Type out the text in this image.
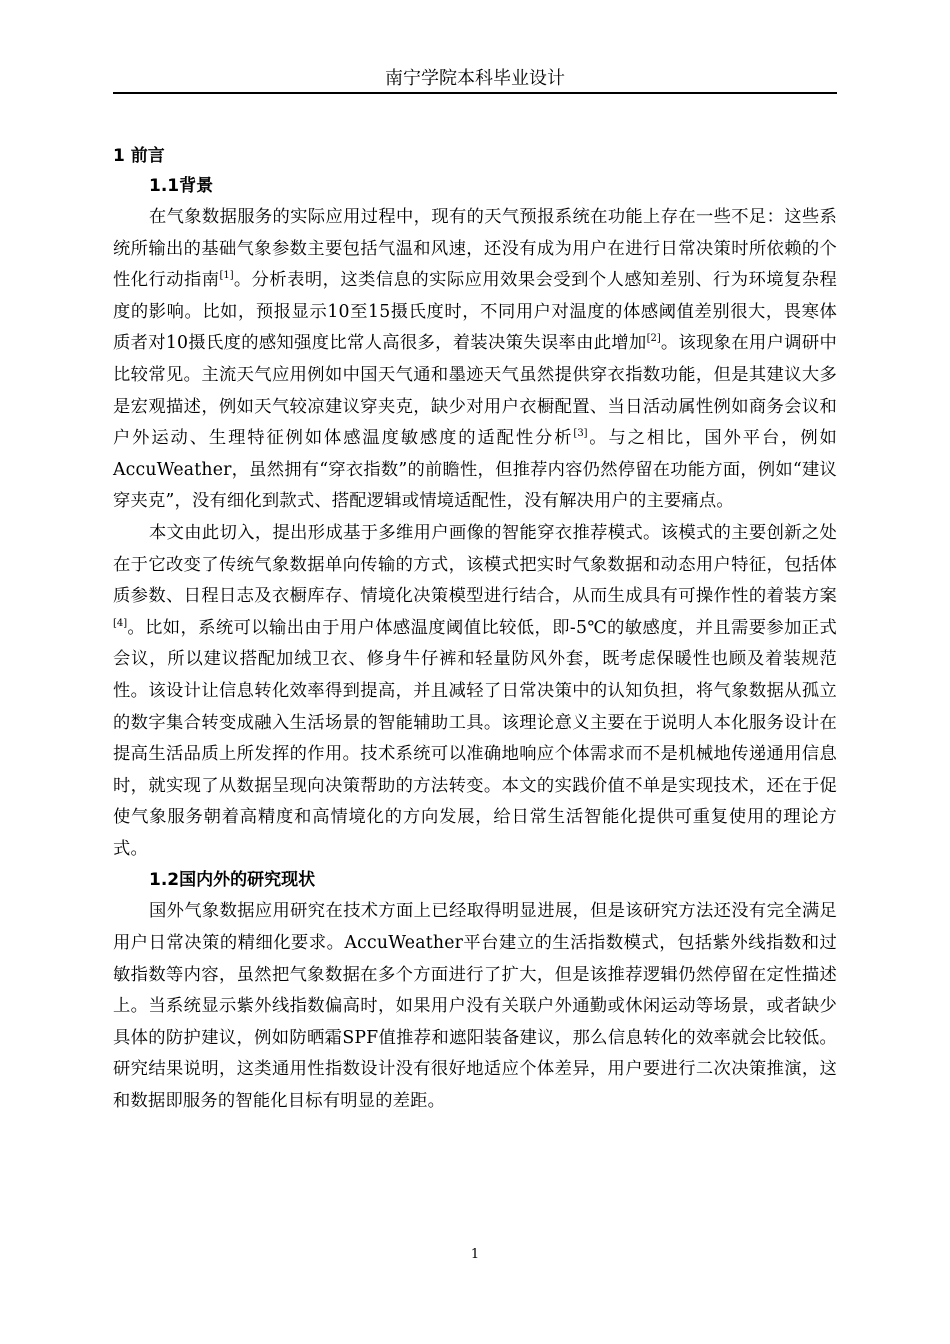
南宁学院本科毕业设计
1 前言
1.1背景

在气象数据服务的实际应用过程中，现有的天气预报系统在功能上存在一些不足：这些系统所输出的基础气象参数主要包括气温和风速，还没有成为用户在进行日常决策时所依赖的个性化行动指南[1]。分析表明，这类信息的实际应用效果会受到个人感知差别、行为环境复杂程度的影响。比如，预报显示10至15摄氏度时，不同用户对温度的体感阈值差别很大，畏寒体质者对10摄氏度的感知强度比常人高很多，着装决策失误率由此增加[2]。该现象在用户调研中比较常见。主流天气应用例如中国天气通和墨迹天气虽然提供穿衣指数功能，但是其建议大多是宏观描述，例如天气较凉建议穿夹克，缺少对用户衣橱配置、当日活动属性例如商务会议和户外运动、生理特征例如体感温度敏感度的适配性分析[3]。与之相比，国外平台，例如AccuWeather，虽然拥有“穿衣指数”的前瞻性，但推荐内容仍然停留在功能方面，例如“建议穿夹克”，没有细化到款式、搭配逻辑或情境适配性，没有解决用户的主要痛点。

本文由此切入，提出形成基于多维用户画像的智能穿衣推荐模式。该模式的主要创新之处在于它改变了传统气象数据单向传输的方式，该模式把实时气象数据和动态用户特征，包括体质参数、日程日志及衣橱库存、情境化决策模型进行结合，从而生成具有可操作性的着装方案[4]。比如，系统可以输出由于用户体感温度阈值比较低，即-5℃的敏感度，并且需要参加正式会议，所以建议搭配加绒卫衣、修身牛仔裤和轻量防风外套，既考虑保暖性也顾及着装规范性。该设计让信息转化效率得到提高，并且减轻了日常决策中的认知负担，将气象数据从孤立的数字集合转变成融入生活场景的智能辅助工具。该理论意义主要在于说明人本化服务设计在提高生活品质上所发挥的作用。技术系统可以准确地响应个体需求而不是机械地传递通用信息时，就实现了从数据呈现向决策帮助的方法转变。本文的实践价值不单是实现技术，还在于促使气象服务朝着高精度和高情境化的方向发展，给日常生活智能化提供可重复使用的理论方式。

1.2国内外的研究现状

国外气象数据应用研究在技术方面上已经取得明显进展，但是该研究方法还没有完全满足用户日常决策的精细化要求。AccuWeather平台建立的生活指数模式，包括紫外线指数和过敏指数等内容，虽然把气象数据在多个方面进行了扩大，但是该推荐逻辑仍然停留在定性描述上。当系统显示紫外线指数偏高时，如果用户没有关联户外通勤或休闲运动等场景，或者缺少具体的防护建议，例如防晒霜SPF值推荐和遮阳装备建议，那么信息转化的效率就会比较低。研究结果说明，这类通用性指数设计没有很好地适应个体差异，用户要进行二次决策推演，这和数据即服务的智能化目标有明显的差距。

1
